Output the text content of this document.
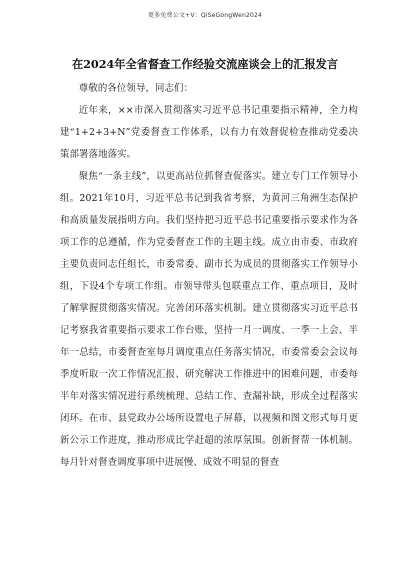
更多免费公文+V：QiSeGongWen2024
在2024年全省督查工作经验交流座谈会上的汇报发言

尊敬的各位领导，同志们：

近年来，××市深入贯彻落实习近平总书记重要指示精神，全力构建“1+2+3+N”党委督查工作体系，以有力有效督促检查推动党委决策部署落地落实。

聚焦“一条主线”，以更高站位抓督查促落实。建立专门工作领导小组。2021年10月，习近平总书记到我省考察，为黄河三角洲生态保护和高质量发展指明方向。我们坚持把习近平总书记重要指示要求作为各项工作的总遵循，作为党委督查工作的主题主线。成立由市委、市政府主要负责同志任组长，市委常委、副市长为成员的贯彻落实工作领导小组，下设4个专项工作组。市领导带头包联重点工作、重点项目，及时了解掌握贯彻落实情况。完善闭环落实机制。建立贯彻落实习近平总书记考察我省重要指示要求工作台账，坚持一月一调度、一季一上会、半年一总结，市委督查室每月调度重点任务落实情况，市委常委会会议每季度听取一次工作情况汇报、研究解决工作推进中的困难问题，市委每半年对落实情况进行系统梳理、总结工作、查漏补缺，形成全过程落实闭环。在市、县党政办公场所设置电子屏幕，以视频和图文形式每月更新公示工作进度，推动形成比学赶超的浓厚氛围。创新督帮一体机制。每月针对督查调度事项中进展慢、成效不明显的督查
